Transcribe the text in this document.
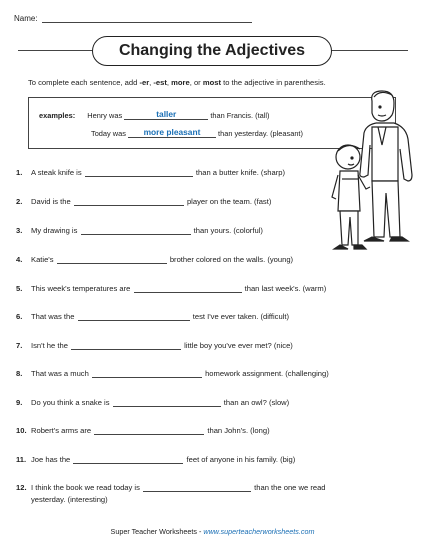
Name:
Changing the Adjectives
To complete each sentence, add -er, -est, more, or most to the adjective in parenthesis.
examples: Henry was	taller	than Francis. (tall)
Today was more pleasant than yesterday. (pleasant)
1. A steak knife is	than a butter knife. (sharp)
2. David is the	player on the team. (fast)
3. My drawing is	than yours. (colorful)
4. Katie's	brother colored on the walls. (young)
5. This week's temperatures are	than last week's. (warm)
6. That was the	test I've ever taken. (difficult)
7. Isn't he the	little boy you've ever met? (nice)
8. That was a much	homework assignment. (challenging)
9. Do you think a snake is	than an owl? (slow)
10. Robert's arms are	than John's. (long)
11. Joe has the	feet of anyone in his family. (big)
12. I think the book we read today is	than the one we read
yesterday. (interesting)
Super Teacher Worksheets - www.superteacherworksheets.com
